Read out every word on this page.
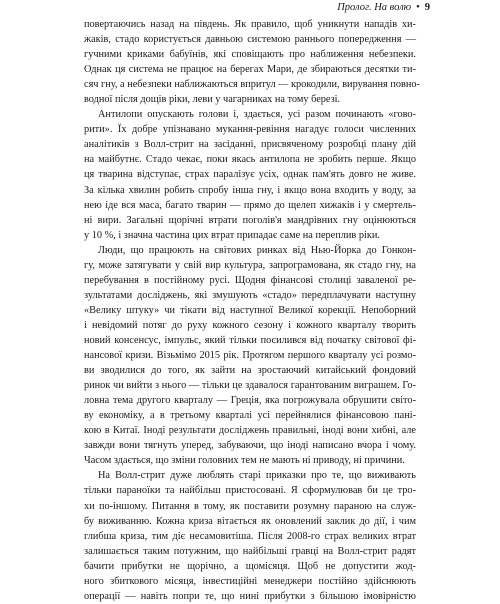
Пролог. На волю • 9
повертаючись назад на південь. Як правило, щоб уникнути нападів хи-
жаків, стадо користується давньою системою раннього попередження —
гучними криками бабуїнів, які сповіщають про наближення небезпеки.
Однак ця система не працює на берегах Мари, де збираються десятки ти-
сяч гну, а небезпеки наближаються впритул — крокодили, вирування повно-
водної після дощів ріки, леви у чагарниках на тому березі.
Антилопи опускають голови і, здається, усі разом починають «гово-
рити». Їх добре упізнавано мукання-ревіння нагадує голоси численних
аналітиків з Волл-стрит на засіданні, присвяченому розробці плану дій
на майбутнє. Стадо чекає, поки якась антилопа не зробить перше. Якщо
ця тварина відступає, страх паралізує усіх, однак пам'ять довго не живе.
За кілька хвилин робить спробу інша гну, і якщо вона входить у воду, за
нею іде вся маса, багато тварин — прямо до щелеп хижаків і у смертель-
ні вири. Загальні щорічні втрати поголів'я мандрівних гну оцінюються
у 10 %, і значна частина цих втрат припадає саме на переплив ріки.
Люди, що працюють на світових ринках від Нью-Йорка до Гонкон-
гу, може затягувати у свій вир культура, запрограмована, як стадо гну, на
перебування в постійному русі. Щодня фінансові столиці заваленої ре-
зультатами досліджень, які змушують «стадо» передплачувати наступну
«Велику штуку» чи тікати від наступної Великої корекції. Непоборний
і невідомий потяг до руху кожного сезону і кожного кварталу творить
новий консенсус, імпульс, який тільки посилився від початку світової фі-
нансової кризи. Візьмімо 2015 рік. Протягом першого кварталу усі розмо-
ви зводилися до того, як зайти на зростаючий китайський фондовий
ринок чи вийти з нього — тільки це здавалося гарантованим виграшем. Го-
ловна тема другого кварталу — Греція, яка погрожувала обрушити світо-
ву економіку, а в третьому кварталі усі перейнялися фінансовою пані-
кою в Китаї. Іноді результати досліджень правильні, іноді вони хибні, але
завжди вони тягнуть уперед, забуваючи, що іноді написано вчора і чому.
Часом здається, що зміни головних тем не мають ні приводу, ні причини.
На Волл-стрит дуже люблять старі приказки про те, що виживають
тільки параноїки та найбільш пристосовані. Я сформулював би це тро-
хи по-іншому. Питання в тому, як поставити розумну параною на служ-
бу виживанню. Кожна криза вітається як оновлений заклик до дії, і чим
глибша криза, тим діє несамовитіша. Після 2008-го страх великих втрат
залишається таким потужним, що найбільші гравці на Волл-стрит радят
бачити прибутки не щорічно, а щомісяця. Щоб не допустити жод-
ного збиткового місяця, інвестиційні менеджери постійно здійснюють
операції — навіть попри те, що нині прибутки з більшою імовірністю
